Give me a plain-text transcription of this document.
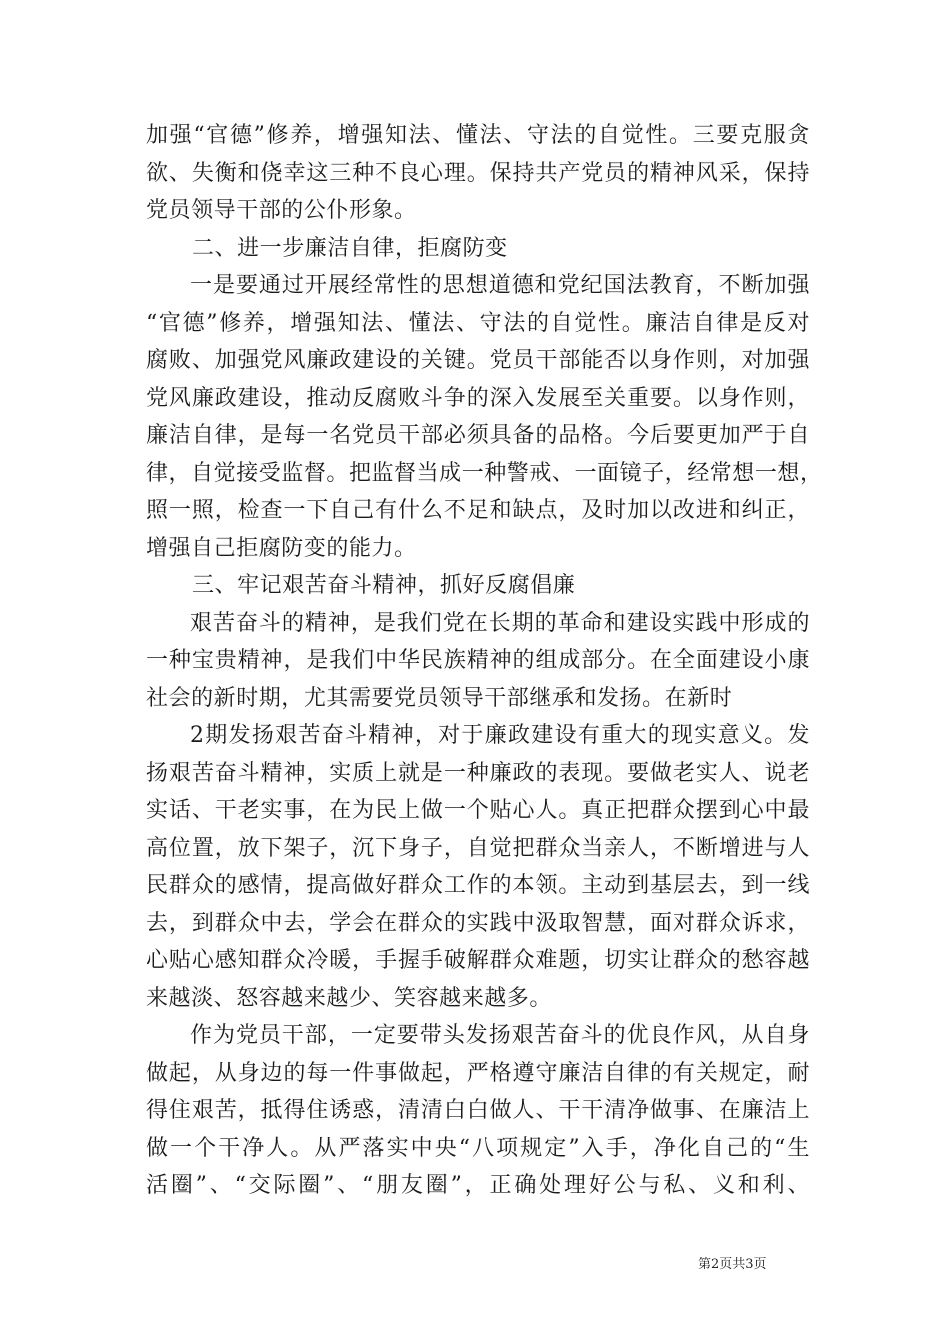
加强“官德”修养，增强知法、懂法、守法的自觉性。三要克服贪
欲、失衡和侥幸这三种不良心理。保持共产党员的精神风采，保持
党员领导干部的公仆形象。
二、进一步廉洁自律，拒腐防变
一是要通过开展经常性的思想道德和党纪国法教育，不断加强
“官德”修养，增强知法、懂法、守法的自觉性。廉洁自律是反对
腐败、加强党风廉政建设的关键。党员干部能否以身作则，对加强
党风廉政建设，推动反腐败斗争的深入发展至关重要。以身作则，
廉洁自律，是每一名党员干部必须具备的品格。今后要更加严于自
律，自觉接受监督。把监督当成一种警戒、一面镜子，经常想一想，
照一照，检查一下自己有什么不足和缺点，及时加以改进和纠正，
增强自己拒腐防变的能力。
三、牢记艰苦奋斗精神，抓好反腐倡廉
艰苦奋斗的精神，是我们党在长期的革命和建设实践中形成的
一种宝贵精神，是我们中华民族精神的组成部分。在全面建设小康
社会的新时期，尤其需要党员领导干部继承和发扬。在新时
2期发扬艰苦奋斗精神，对于廉政建设有重大的现实意义。发
扬艰苦奋斗精神，实质上就是一种廉政的表现。要做老实人、说老
实话、干老实事，在为民上做一个贴心人。真正把群众摆到心中最
高位置，放下架子，沉下身子，自觉把群众当亲人，不断增进与人
民群众的感情，提高做好群众工作的本领。主动到基层去，到一线
去，到群众中去，学会在群众的实践中汲取智慧，面对群众诉求，
心贴心感知群众冷暖，手握手破解群众难题，切实让群众的愁容越
来越淡、怒容越来越少、笑容越来越多。
作为党员干部，一定要带头发扬艰苦奋斗的优良作风，从自身
做起，从身边的每一件事做起，严格遵守廉洁自律的有关规定，耐
得住艰苦，抵得住诱惑，清清白白做人、干干清净做事、在廉洁上
做一个干净人。从严落实中央“八项规定”入手，净化自己的“生
活圈”、“交际圈”、“朋友圈”，正确处理好公与私、义和利、
第2页共3页
